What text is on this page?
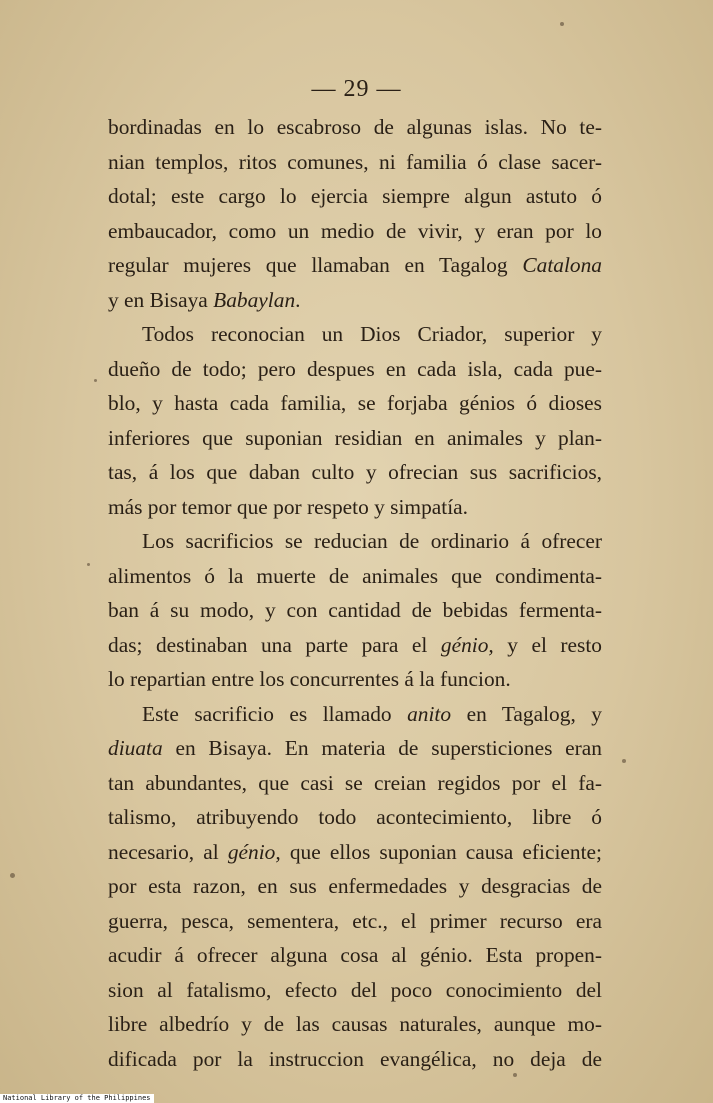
— 29 —
bordinadas en lo escabroso de algunas islas. No te-
nian templos, ritos comunes, ni familia ó clase sacer-
dotal; este cargo lo ejercia siempre algun astuto ó
embaucador, como un medio de vivir, y eran por lo
regular mujeres que llamaban en Tagalog Catalona
y en Bisaya Babaylan.
Todos reconocian un Dios Criador, superior y
dueño de todo; pero despues en cada isla, cada pue-
blo, y hasta cada familia, se forjaba génios ó dioses
inferiores que suponian residian en animales y plan-
tas, á los que daban culto y ofrecian sus sacrificios,
más por temor que por respeto y simpatía.
Los sacrificios se reducian de ordinario á ofrecer
alimentos ó la muerte de animales que condimenta-
ban á su modo, y con cantidad de bebidas fermenta-
das; destinaban una parte para el génio, y el resto
lo repartian entre los concurrentes á la funcion.
Este sacrificio es llamado anito en Tagalog, y
diuata en Bisaya. En materia de supersticiones eran
tan abundantes, que casi se creian regidos por el fa-
talismo, atribuyendo todo acontecimiento, libre ó
necesario, al génio, que ellos suponian causa eficiente;
por esta razon, en sus enfermedades y desgracias de
guerra, pesca, sementera, etc., el primer recurso era
acudir á ofrecer alguna cosa al génio. Esta propen-
sion al fatalismo, efecto del poco conocimiento del
libre albedrío y de las causas naturales, aunque mo-
dificada por la instruccion evangélica, no deja de
National Library of the Philippines
